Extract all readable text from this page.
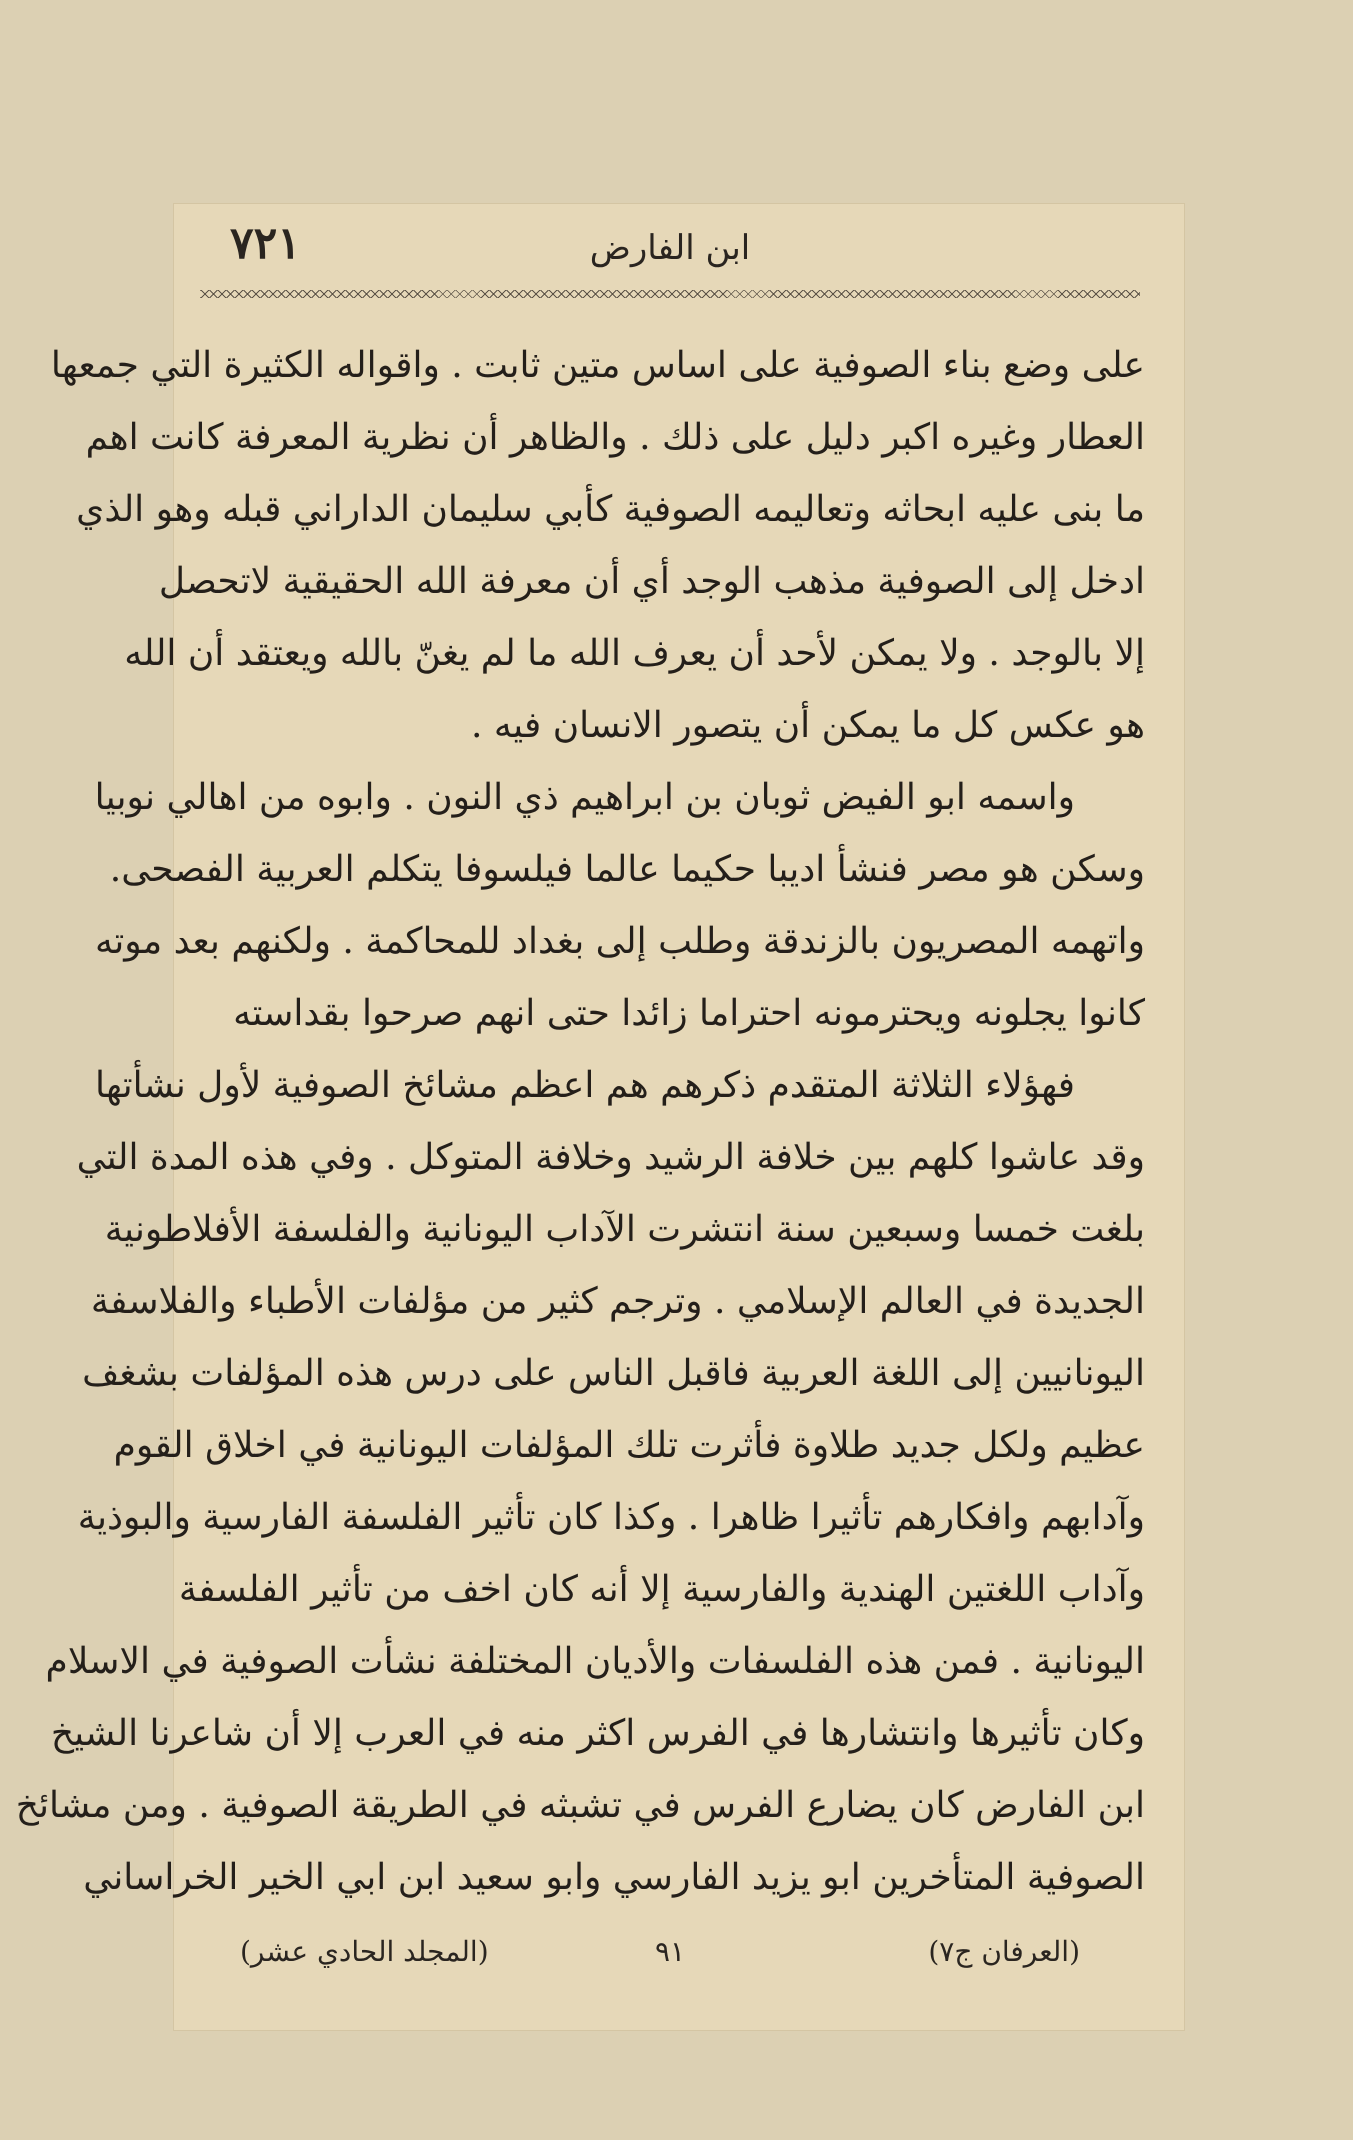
٧٢١	ابن الفارض
على وضع بناء الصوفية على اساس متين ثابت . واقواله الكثيرة التي جمعها
العطار وغيره اكبر دليل على ذلك . والظاهر أن نظرية المعرفة كانت اهم
ما بنى عليه ابحاثه وتعاليمه الصوفية كأبي سليمان الداراني قبله وهو الذي
ادخل إلى الصوفية مذهب الوجد أي أن معرفة الله الحقيقية لاتحصل
إلا بالوجد . ولا يمكن لأحد أن يعرف الله ما لم يغنّ بالله ويعتقد أن الله
هو عكس كل ما يمكن أن يتصور الانسان فيه .
واسمه ابو الفيض ثوبان بن ابراهيم ذي النون . وابوه من اهالي نوبيا
وسكن هو مصر فنشأ اديبا حكيما عالما فيلسوفا يتكلم العربية الفصحى.
واتهمه المصريون بالزندقة وطلب إلى بغداد للمحاكمة . ولكنهم بعد موته
كانوا يجلونه ويحترمونه احتراما زائدا حتى انهم صرحوا بقداسته
فهؤلاء الثلاثة المتقدم ذكرهم هم اعظم مشائخ الصوفية لأول نشأتها
وقد عاشوا كلهم بين خلافة الرشيد وخلافة المتوكل . وفي هذه المدة التي
بلغت خمسا وسبعين سنة انتشرت الآداب اليونانية والفلسفة الأفلاطونية
الجديدة في العالم الإسلامي . وترجم كثير من مؤلفات الأطباء والفلاسفة
اليونانيين إلى اللغة العربية فاقبل الناس على درس هذه المؤلفات بشغف
عظيم ولكل جديد طلاوة فأثرت تلك المؤلفات اليونانية في اخلاق القوم
وآدابهم وافكارهم تأثيرا ظاهرا . وكذا كان تأثير الفلسفة الفارسية والبوذية
وآداب اللغتين الهندية والفارسية إلا أنه كان اخف من تأثير الفلسفة
اليونانية . فمن هذه الفلسفات والأديان المختلفة نشأت الصوفية في الاسلام
وكان تأثيرها وانتشارها في الفرس اكثر منه في العرب إلا أن شاعرنا الشيخ
ابن الفارض كان يضارع الفرس في تشبثه في الطريقة الصوفية . ومن مشائخ
الصوفية المتأخرين ابو يزيد الفارسي وابو سعيد ابن ابي الخير الخراساني
(العرفان ج٧)
٩١
(المجلد الحادي عشر)
